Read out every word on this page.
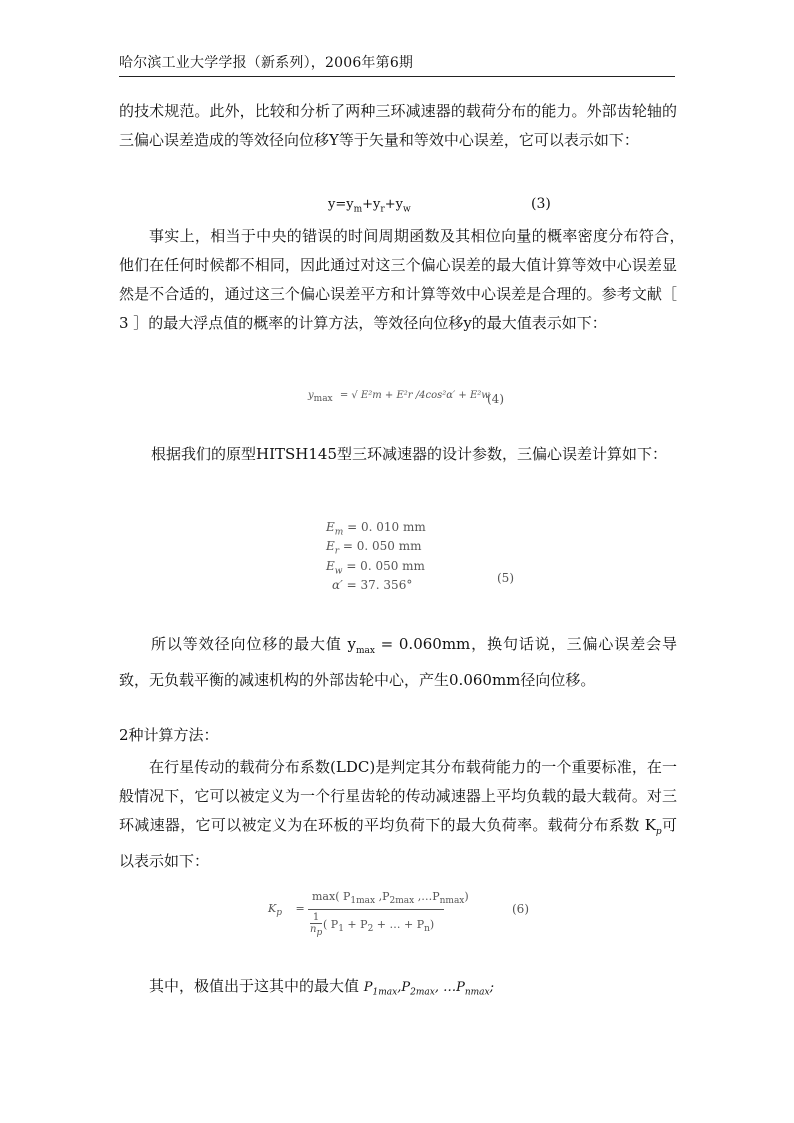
哈尔滨工业大学学报（新系列），2006年第6期

的技术规范。此外，比较和分析了两种三环减速器的载荷分布的能力。外部齿轮轴的三偏心误差造成的等效径向位移Y等于矢量和等效中心误差，它可以表示如下：

$y=y_m+y_r+y_w$	(3)

事实上，相当于中央的错误的时间周期函数及其相位向量的概率密度分布符合，　他们在任何时候都不相同，因此通过对这三个偏心误差的最大值计算等效中心误差显然是不合适的，通过这三个偏心误差平方和计算等效中心误差是合理的。参考文献［ 3 ］的最大浮点值的概率的计算方法，等效径向位移y的最大值表示如下：

$y_{max}$ = √ E²m + E²r /4cos²α′ + E²w
(4)

根据我们的原型HITSH145型三环减速器的设计参数，三偏心误差计算如下：

$E_m = 0$. 010 mm
$E_r = 0$. 050 mm
$E_w = 0$. 050 mm
α′ = 37. 356°
(5)

所以等效径向位移的最大值 $y_{max} = 0.060mm$，换句话说，三偏心误差会导致，无负载平衡的减速机构的外部齿轮中心，产生0.060mm径向位移。

2种计算方法：

在行星传动的载荷分布系数(LDC)是判定其分布载荷能力的一个重要标准，在一般情况下，它可以被定义为一个行星齿轮的传动减速器上平均负载的最大载荷。对三环减速器，它可以被定义为在环板的平均负荷下的最大负荷率。载荷分布系数 $K_p$可以表示如下：

$K_p$ =
max( $P_{1max}$ $,P_{2max}$ $,\dots P_{nmax}$)
1
$n_p$
( $P_1 + P_2$ + … + $P_n$)
(6)

其中，极值出于这其中的最大值 $P_{1max},P_{2max}$, $\dots P_{nmax}$;
